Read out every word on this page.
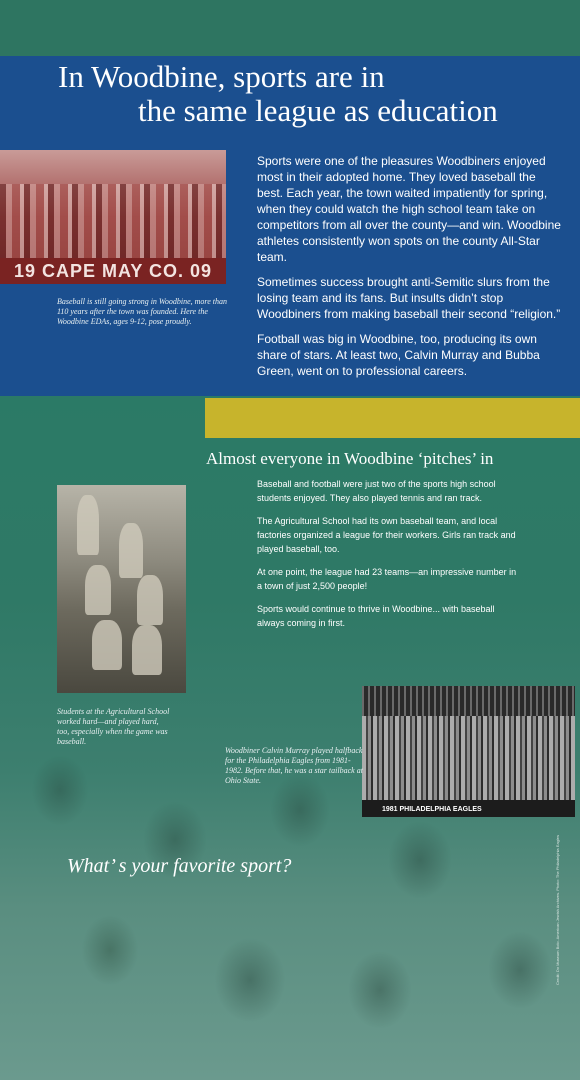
In Woodbine, sports are in
the same league as education
19 CAPE MAY CO. 09
Baseball is still going strong in Woodbine, more than 110 years after the town was founded. Here the Woodbine EDAs, ages 9-12, pose proudly.

Sports were one of the pleasures Woodbiners enjoyed most in their adopted home. They loved baseball the best. Each year, the town waited impatiently for spring, when they could watch the high school team take on competitors from all over the county—and win. Woodbine athletes consistently won spots on the county All-Star team.

Sometimes success brought anti-Semitic slurs from the losing team and its fans. But insults didn’t stop Woodbiners from making baseball their second “religion.”

Football was big in Woodbine, too, producing its own share of stars. At least two, Calvin Murray and Bubba Green, went on to professional careers.

Almost everyone in Woodbine ‘pitches’ in

Baseball and football were just two of the sports high school students enjoyed. They also played tennis and ran track.

The Agricultural School had its own baseball team, and local factories organized a league for their workers. Girls ran track and played baseball, too.

At one point, the league had 23 teams—an impressive number in a town of just 2,500 people!

Sports would continue to thrive in Woodbine... with baseball always coming in first.

Students at the Agricultural School worked hard—and played hard, too, especially when the game was baseball.
1981 PHILADELPHIA EAGLES
Woodbiner Calvin Murray played halfback for the Philadelphia Eagles from 1981-1982. Before that, he was a star tailback at Ohio State.
What’ s your favorite sport?	Credit: Do Museum Bolo. American Jewish Archives. Photo: The Philadelphia Eagles
